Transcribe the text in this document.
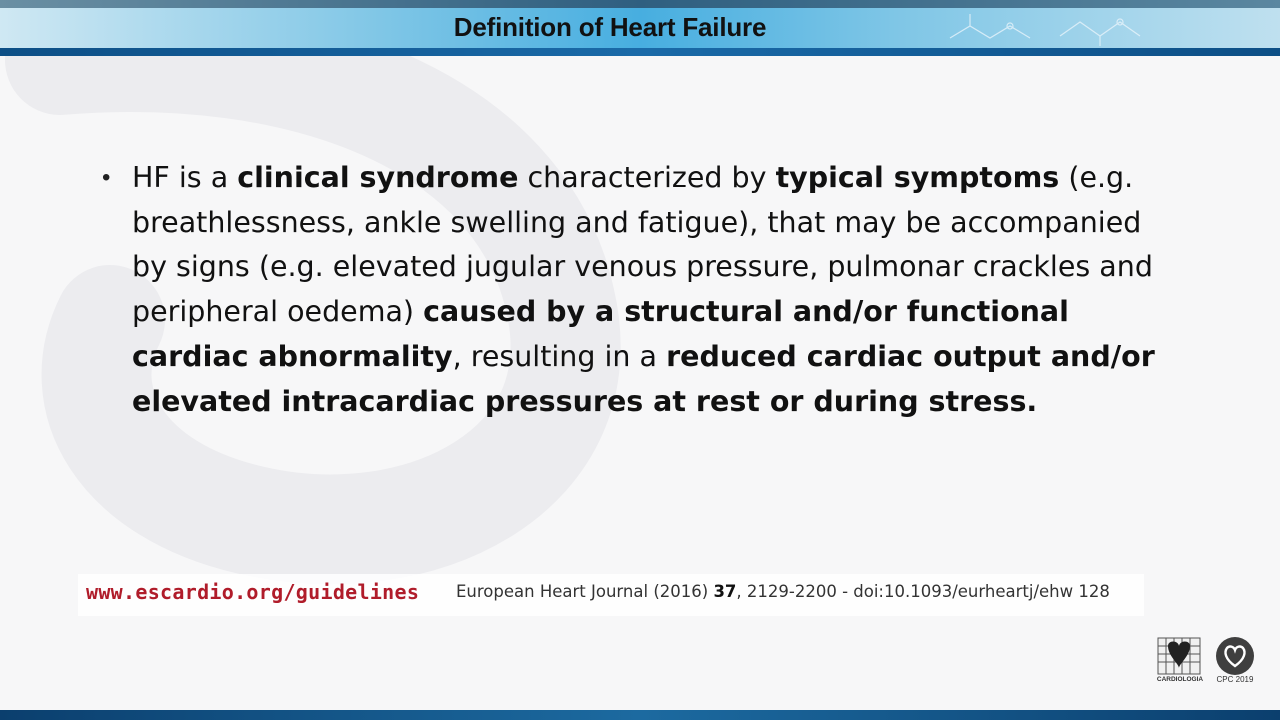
Definition of Heart Failure
• HF is a clinical syndrome characterized by typical symptoms (e.g. breathlessness, ankle swelling and fatigue), that may be accompanied by signs (e.g. elevated jugular venous pressure, pulmonar crackles and peripheral oedema) caused by a structural and/or functional cardiac abnormality, resulting in a reduced cardiac output and/or elevated intracardiac pressures at rest or during stress.
www.escardio.org/guidelines European Heart Journal (2016) 37, 2129-2200 - doi:10.1093/eurheartj/ehw 128
CARDIOLOGIA	CPC 2019
